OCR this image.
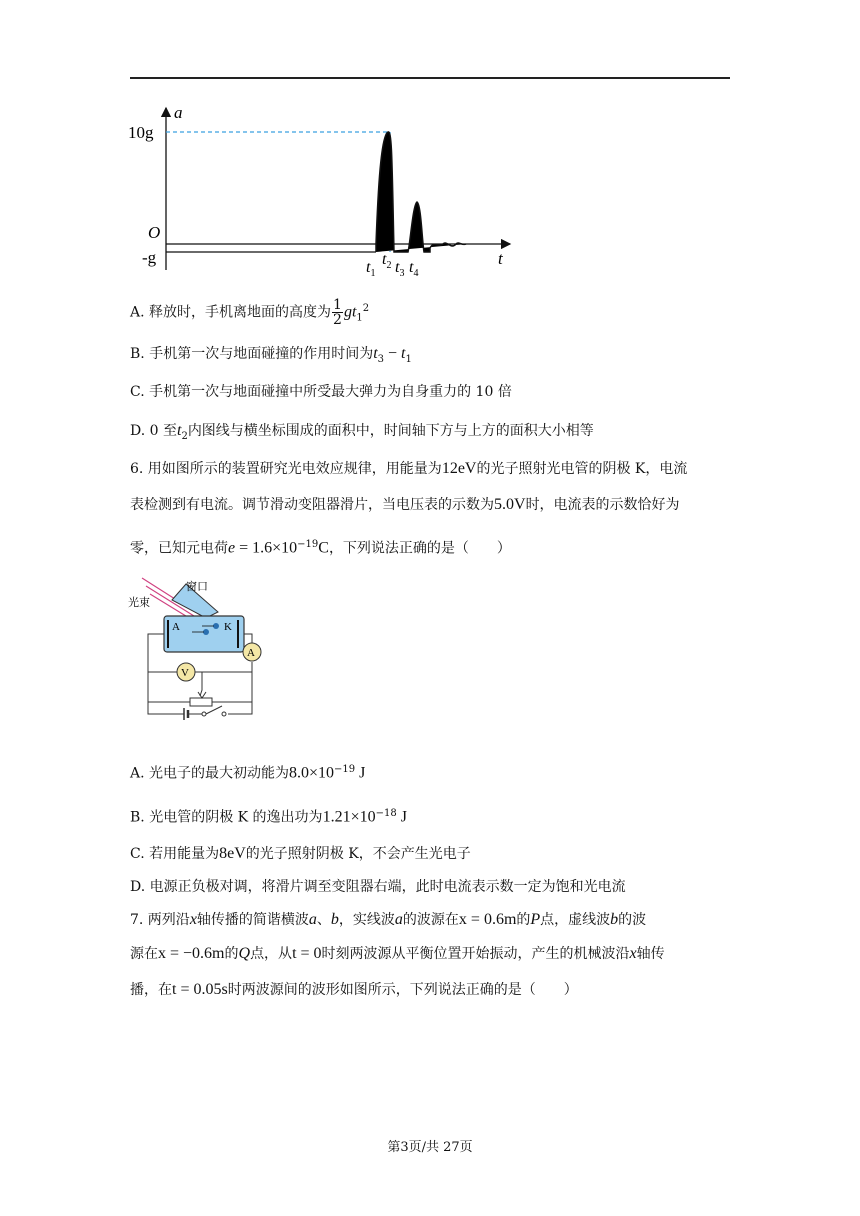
a
t
10g
O
-g
$t_1$
$t_2$ $t_3$ $t_4$
A. 释放时，手机离地面的高度为 $\frac{1}{2} gt_1^2$
B. 手机第一次与地面碰撞的作用时间为$t_3 - t_1$
C. 手机第一次与地面碰撞中所受最大弹力为自身重力的 10 倍
D. 0 至$t_2$内图线与横坐标围成的面积中，时间轴下方与上方的面积大小相等
6. 用如图所示的装置研究光电效应规律，用能量为12eV的光子照射光电管的阴极 K，电流
表检测到有电流。调节滑动变阻器滑片，当电压表的示数为5.0V时，电流表的示数恰好为
零，已知元电荷$e = 1.6\times 10^{-19}C$，下列说法正确的是（　　）
窗口
光束
A	K
A
V
A. 光电子的最大初动能为$8.0\times 10^{-19}$ J
B. 光电管的阴极 K 的逸出功为$1.21\times 10^{-18}$ J
C. 若用能量为8eV的光子照射阴极 K，不会产生光电子
D. 电源正负极对调，将滑片调至变阻器右端，此时电流表示数一定为饱和光电流
7. 两列沿x轴传播的简谐横波a、b，实线波a的波源在x = 0.6m的P点，虚线波b的波
源在x = −0.6m的Q点，从t = 0时刻两波源从平衡位置开始振动，产生的机械波沿x轴传
播，在t = 0.05s时两波源间的波形如图所示，下列说法正确的是（　　）
第3页/共 27页
